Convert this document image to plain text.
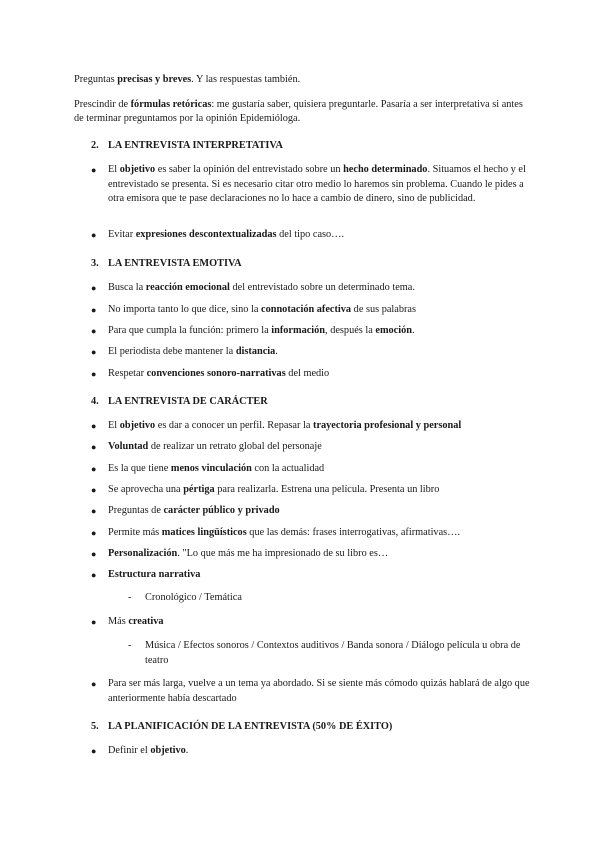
Preguntas precisas y breves. Y las respuestas también.

Prescindir de fórmulas retóricas: me gustaría saber, quisiera preguntarle. Pasaría a ser interpretativa si antes de terminar preguntamos por la opinión Epidemióloga.

2. LA ENTREVISTA INTERPRETATIVA

● El objetivo es saber la opinión del entrevistado sobre un hecho determinado. Situamos el hecho y el entrevistado se presenta. Si es necesario citar otro medio lo haremos sin problema. Cuando le pides a otra emisora que te pase declaraciones no lo hace a cambio de dinero, sino de publicidad.

● Evitar expresiones descontextualizadas del tipo caso….

3. LA ENTREVISTA EMOTIVA

● Busca la reacción emocional del entrevistado sobre un determinado tema.

● No importa tanto lo que dice, sino la connotación afectiva de sus palabras

● Para que cumpla la función: primero la información, después la emoción.

● El periodista debe mantener la distancia.

● Respetar convenciones sonoro-narrativas del medio

4. LA ENTREVISTA DE CARÁCTER

● El objetivo es dar a conocer un perfil. Repasar la trayectoria profesional y personal

● Voluntad de realizar un retrato global del personaje

● Es la que tiene menos vinculación con la actualidad

● Se aprovecha una pértiga para realizarla. Estrena una película. Presenta un libro

● Preguntas de carácter público y privado

● Permite más matices lingüísticos que las demás: frases interrogativas, afirmativas….

● Personalización. "Lo que más me ha impresionado de su libro es…

● Estructura narrativa

- Cronológico / Temática

● Más creativa

- Música / Efectos sonoros / Contextos auditivos / Banda sonora / Diálogo película u obra de teatro

● Para ser más larga, vuelve a un tema ya abordado. Si se siente más cómodo quizás hablará de algo que anteriormente había descartado

5. LA PLANIFICACIÓN DE LA ENTREVISTA (50% DE ÉXITO)

● Definir el objetivo.
